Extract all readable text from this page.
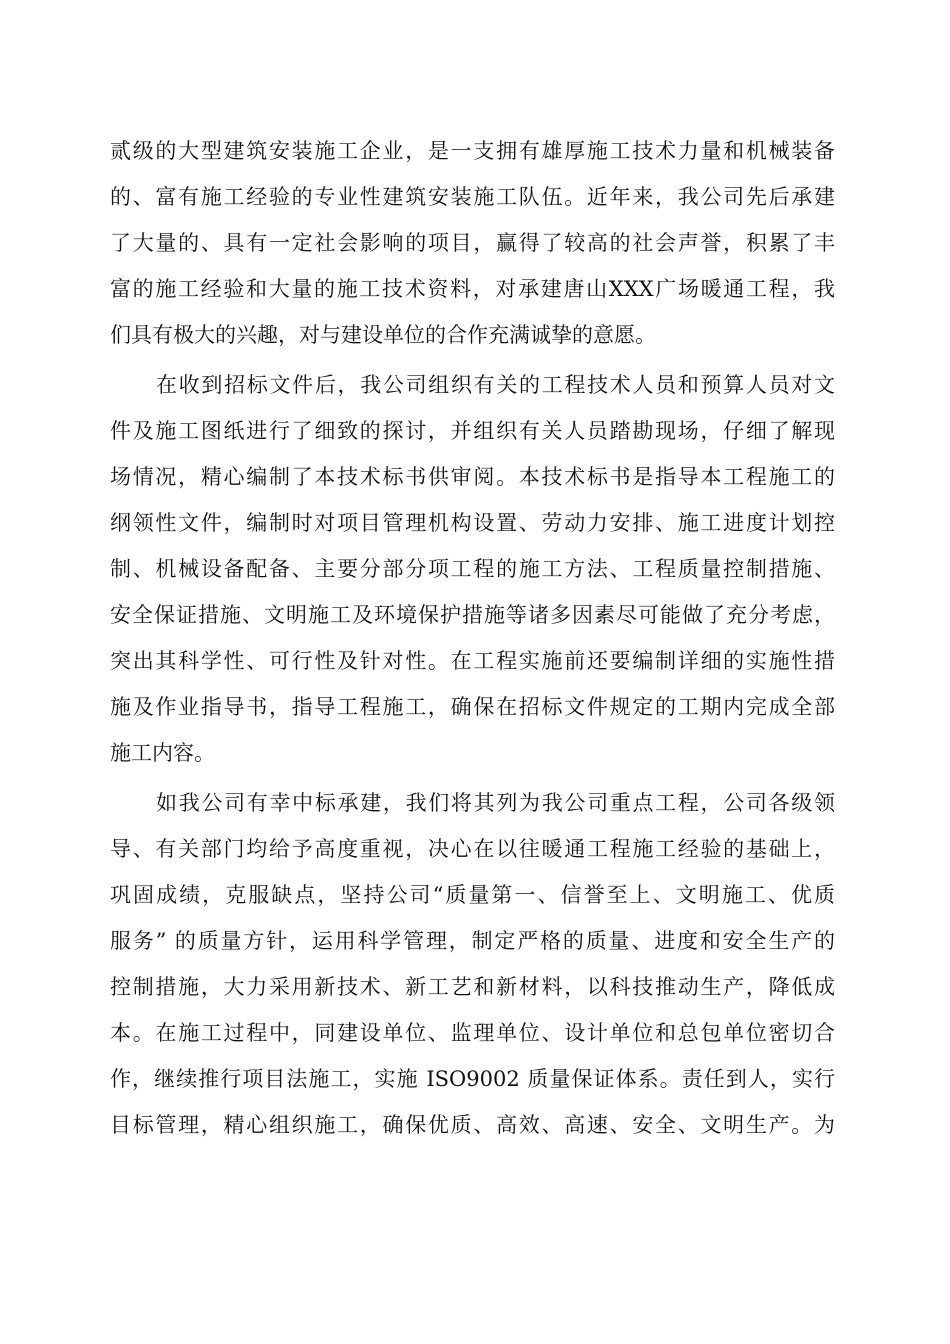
贰级的大型建筑安装施工企业，是一支拥有雄厚施工技术力量和机械装备
的、富有施工经验的专业性建筑安装施工队伍。近年来，我公司先后承建
了大量的、具有一定社会影响的项目，赢得了较高的社会声誉，积累了丰
富的施工经验和大量的施工技术资料，对承建唐山XXX广场暖通工程，我
们具有极大的兴趣，对与建设单位的合作充满诚挚的意愿。
在收到招标文件后，我公司组织有关的工程技术人员和预算人员对文
件及施工图纸进行了细致的探讨，并组织有关人员踏勘现场，仔细了解现
场情况，精心编制了本技术标书供审阅。本技术标书是指导本工程施工的
纲领性文件，编制时对项目管理机构设置、劳动力安排、施工进度计划控
制、机械设备配备、主要分部分项工程的施工方法、工程质量控制措施、
安全保证措施、文明施工及环境保护措施等诸多因素尽可能做了充分考虑，
突出其科学性、可行性及针对性。在工程实施前还要编制详细的实施性措
施及作业指导书，指导工程施工，确保在招标文件规定的工期内完成全部
施工内容。
如我公司有幸中标承建，我们将其列为我公司重点工程，公司各级领
导、有关部门均给予高度重视，决心在以往暖通工程施工经验的基础上，
巩固成绩，克服缺点，坚持公司“质量第一、信誉至上、文明施工、优质
服务” 的质量方针，运用科学管理，制定严格的质量、进度和安全生产的
控制措施，大力采用新技术、新工艺和新材料，以科技推动生产，降低成
本。在施工过程中，同建设单位、监理单位、设计单位和总包单位密切合
作，继续推行项目法施工，实施 ISO9002 质量保证体系。责任到人，实行
目标管理，精心组织施工，确保优质、高效、高速、安全、文明生产。为
